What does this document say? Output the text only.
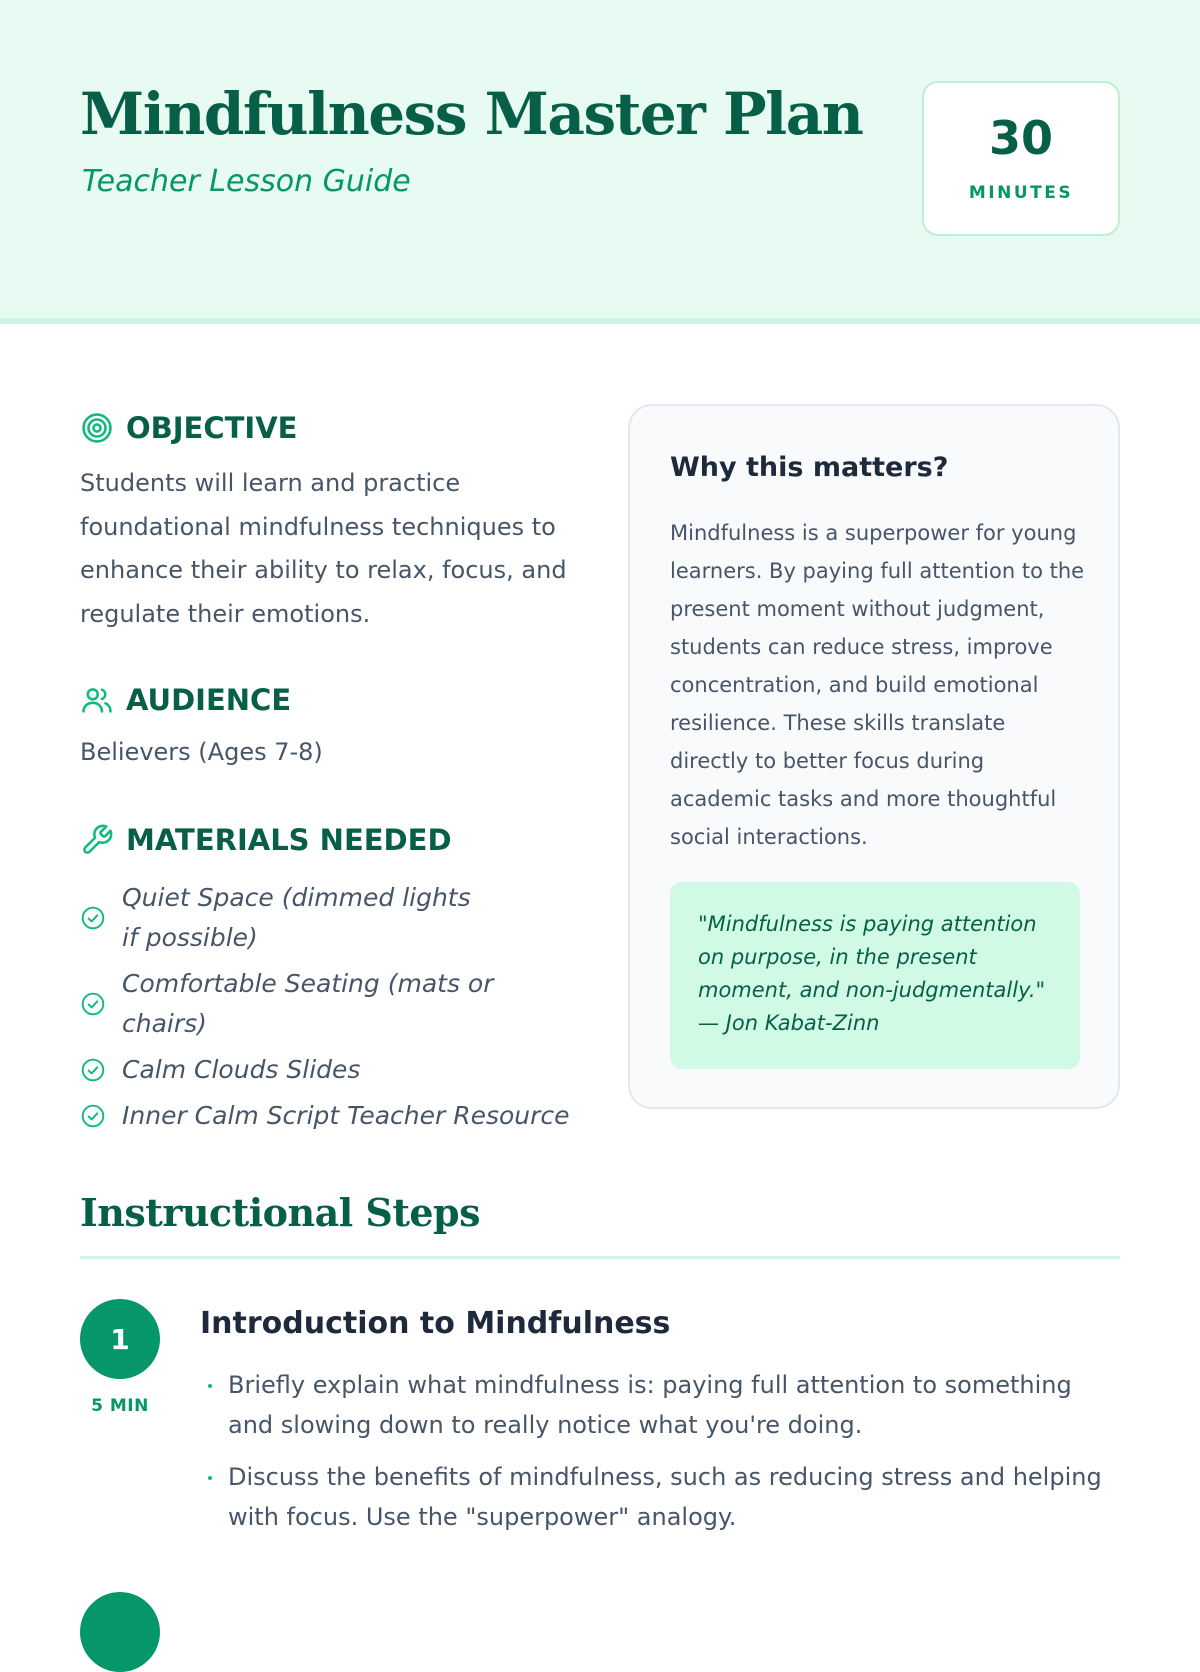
Mindfulness Master Plan
Teacher Lesson Guide
30
MINUTES
OBJECTIVE

Students will learn and practice foundational mindfulness techniques to enhance their ability to relax, focus, and regulate their emotions.

AUDIENCE

Believers (Ages 7-8)

MATERIALS NEEDED
Quiet Space (dimmed lights if possible)
Comfortable Seating (mats or chairs)
Calm Clouds Slides
Inner Calm Script Teacher Resource
Why this matters?

Mindfulness is a superpower for young learners. By paying full attention to the present moment without judgment, students can reduce stress, improve concentration, and build emotional resilience. These skills translate directly to better focus during academic tasks and more thoughtful social interactions.

"Mindfulness is paying attention on purpose, in the present moment, and non-judgmentally." — Jon Kabat-Zinn
Instructional Steps
1
5 MIN
Introduction to Mindfulness
Briefly explain what mindfulness is: paying full attention to something and slowing down to really notice what you're doing.
Discuss the benefits of mindfulness, such as reducing stress and helping with focus. Use the "superpower" analogy.
